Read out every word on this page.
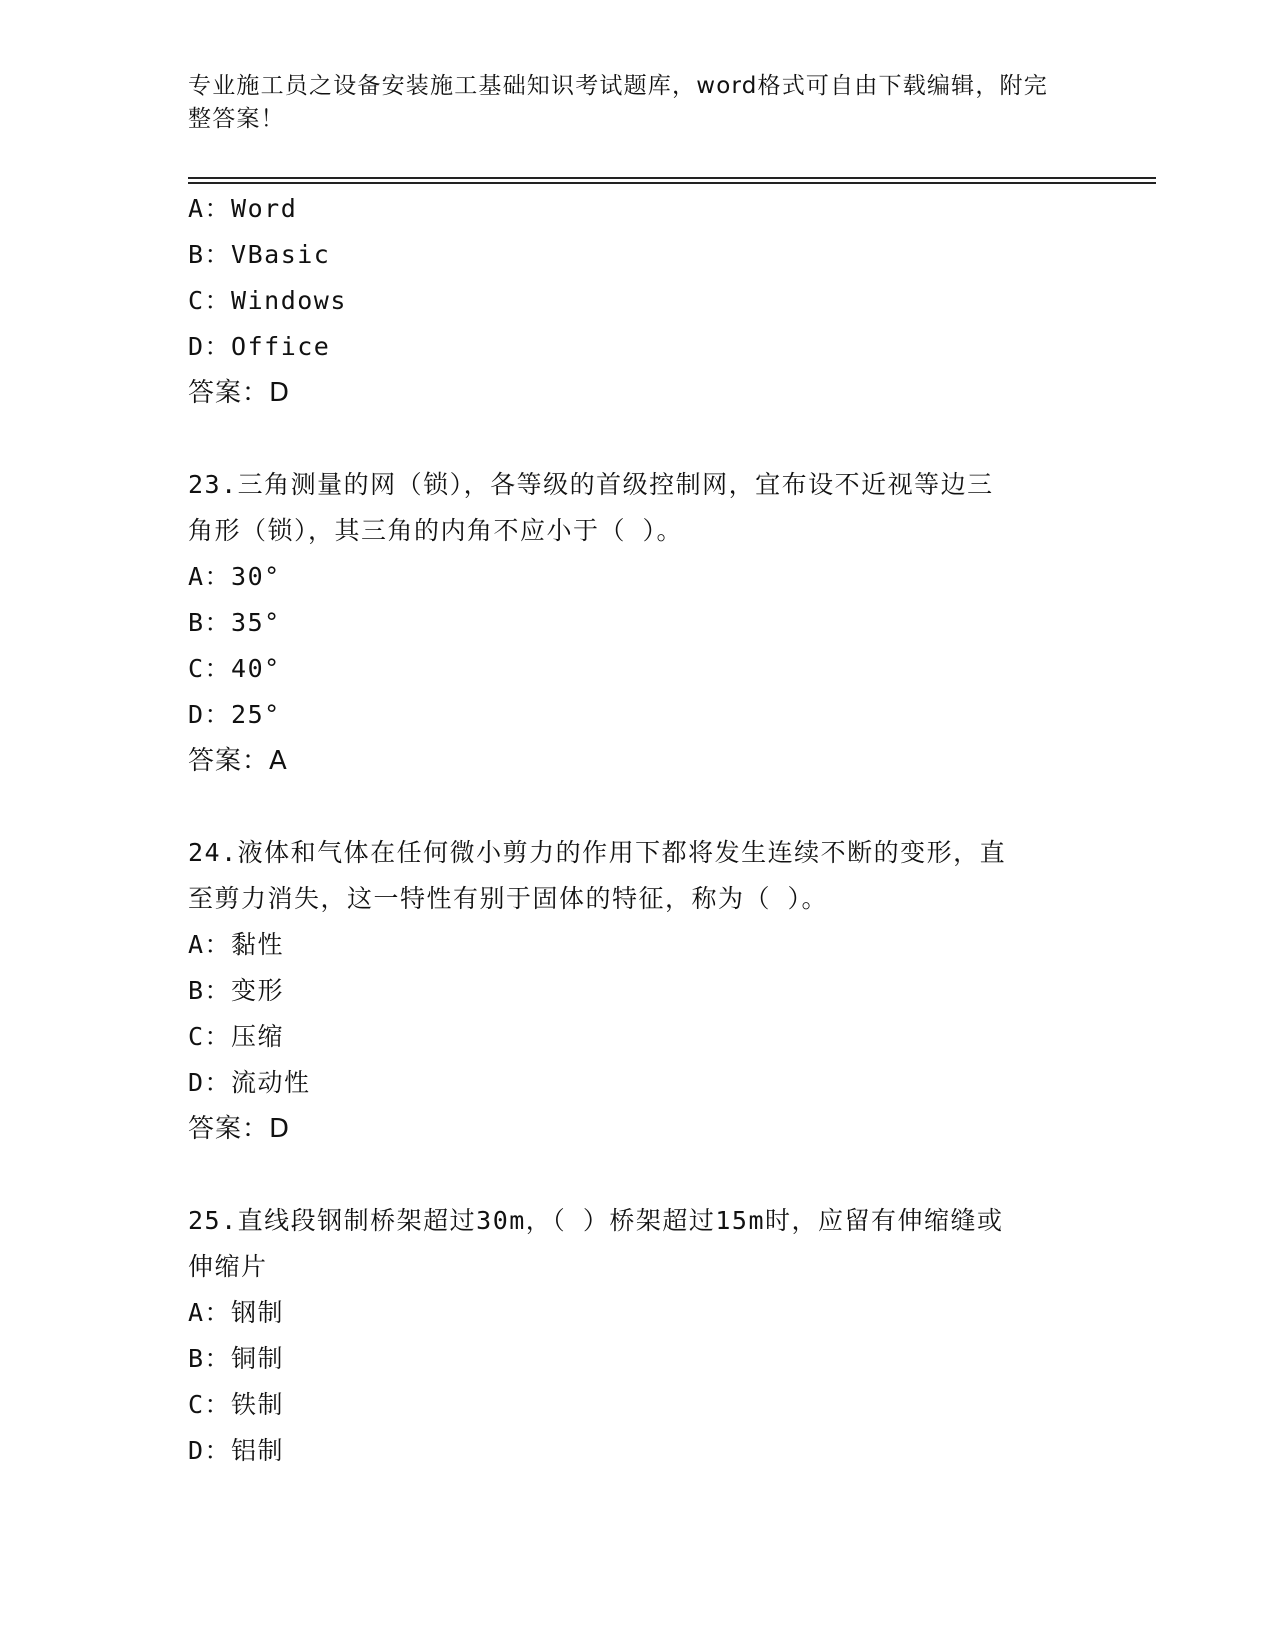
专业施工员之设备安装施工基础知识考试题库，word格式可自由下载编辑，附完
整答案！
A：Word
B：VBasic
C：Windows
D：Office
答案：D
23.三角测量的网（锁），各等级的首级控制网，宜布设不近视等边三
角形（锁），其三角的内角不应小于（ ）。
A：30°
B：35°
C：40°
D：25°
答案：A
24.液体和气体在任何微小剪力的作用下都将发生连续不断的变形，直
至剪力消失，这一特性有别于固体的特征，称为（ ）。
A：黏性
B：变形
C：压缩
D：流动性
答案：D
25.直线段钢制桥架超过30m，（ ）桥架超过15m时，应留有伸缩缝或
伸缩片
A：钢制
B：铜制
C：铁制
D：铝制
